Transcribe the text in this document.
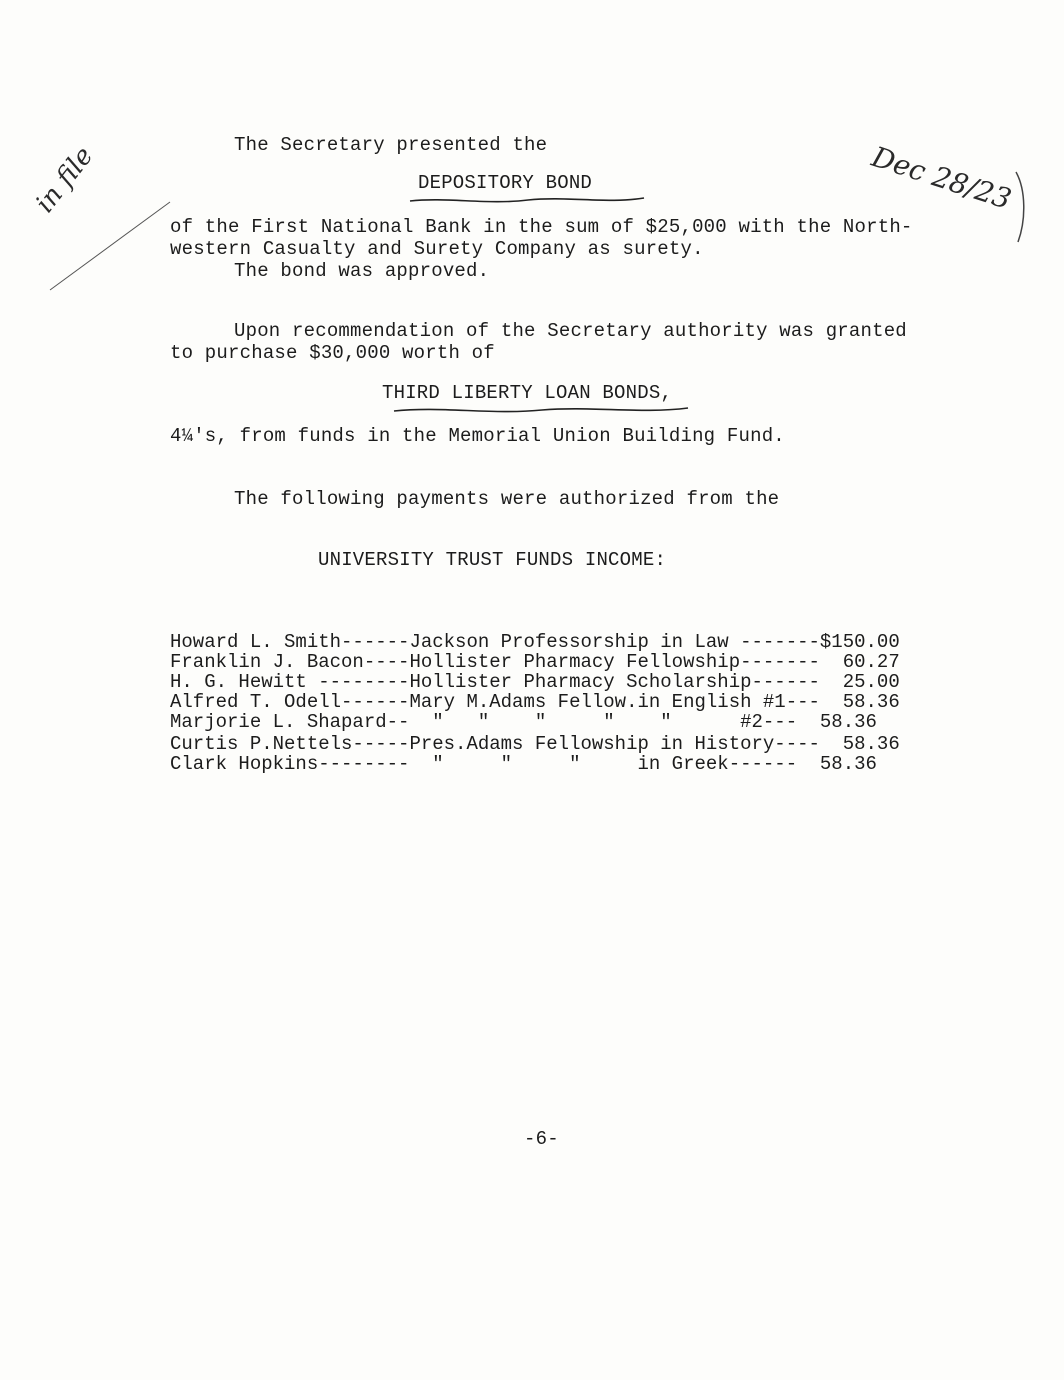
in file	Dec 28/23
The Secretary presented the
DEPOSITORY BOND
of the First National Bank in the sum of $25,000 with the North-
western Casualty and Surety Company as surety.
The bond was approved.
Upon recommendation of the Secretary authority was granted
to purchase $30,000 worth of
THIRD LIBERTY LOAN BONDS,
4¼'s, from funds in the Memorial Union Building Fund.
The following payments were authorized from the
UNIVERSITY TRUST FUNDS INCOME:

Howard L. Smith------Jackson Professorship in Law -------$150.00

Franklin J. Bacon----Hollister Pharmacy Fellowship-------  60.27

H. G. Hewitt --------Hollister Pharmacy Scholarship------  25.00

Alfred T. Odell------Mary M.Adams Fellow.in English #1---  58.36

Marjorie L. Shapard--  "   "    "     "    "      #2---  58.36

Curtis P.Nettels-----Pres.Adams Fellowship in History----  58.36

Clark Hopkins--------  "     "     "     in Greek------  58.36

-6-
